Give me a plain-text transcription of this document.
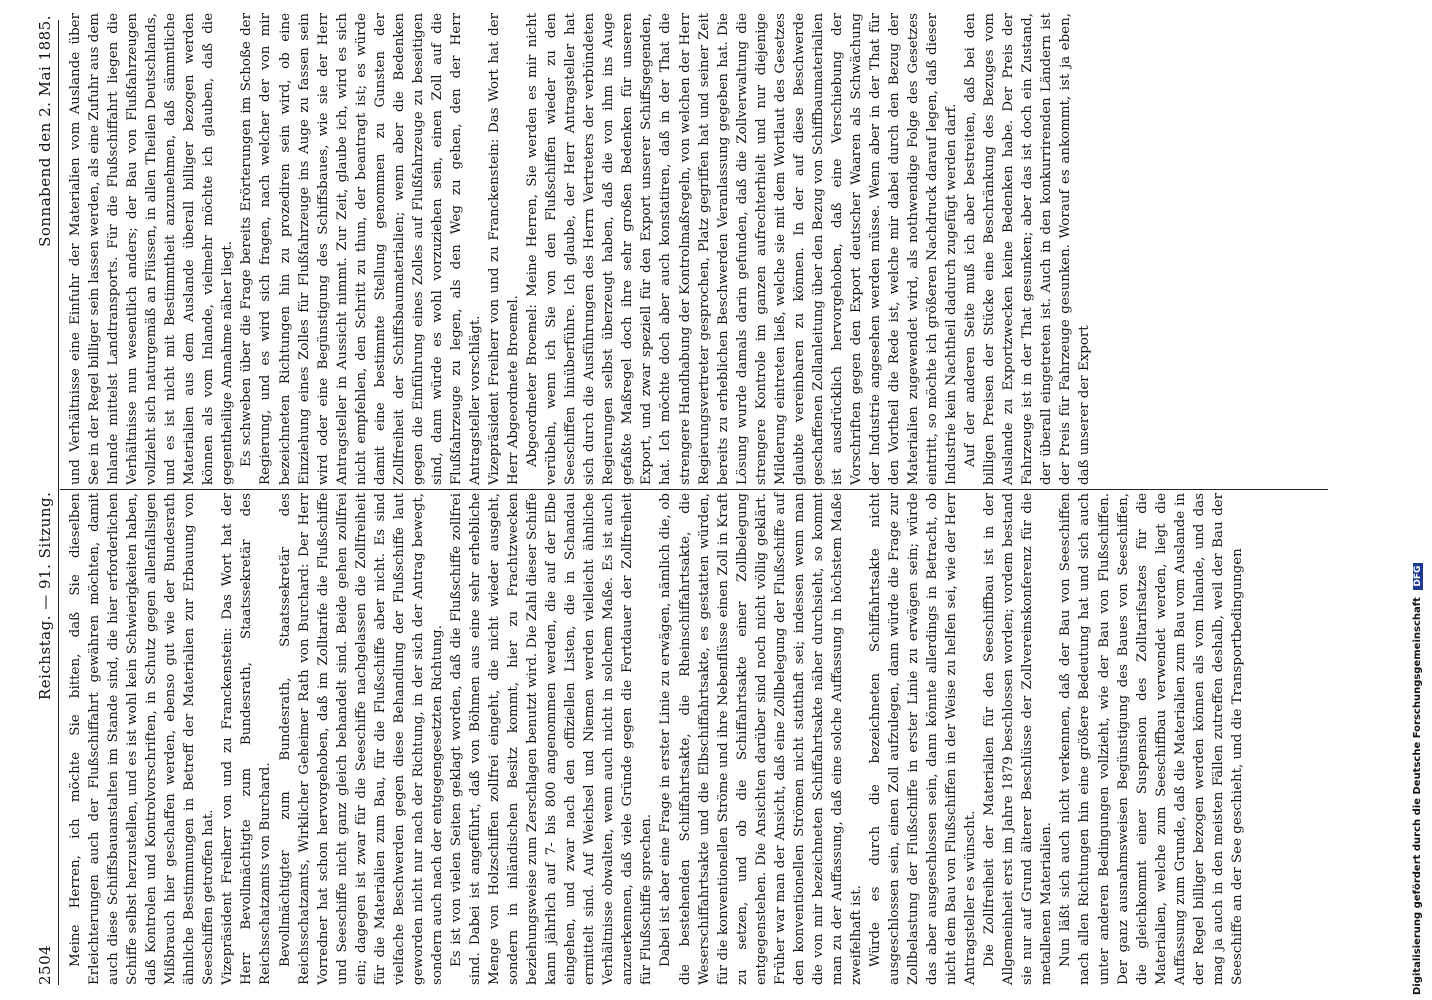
2504
Reichstag. — 91. Sitzung.
Sonnabend den 2. Mai 1885.

Meine Herren, ich möchte Sie bitten, daß Sie dieselben Erleichterungen auch der Flußschiffahrt gewähren möchten, damit auch diese Schiffsbauanstalten im Stande sind, die hier erforderlichen Schiffe selbst herzustellen, und es ist wohl kein Schwierigkeiten haben, daß Kontrolen und Kontrolvorschriften, in Schutz gegen allenfallsigen Mißbrauch hier geschaffen werden, ebenso gut wie der Bundesrath ähnliche Bestimmungen in Betreff der Materialien zur Erbauung von Seeschiffen getroffen hat. Vizepräsident Freiherr von und zu Franckenstein: Das Wort hat der Herr Bevollmächtigte zum Bundesrath, Staatssekretär des Reichsschatzamts von Burchard. Bevollmächtigter zum Bundesrath, Staatssekretär des Reichsschatzamts, Wirklicher Geheimer Rath von Burchard: Der Herr Vorredner hat schon hervorgehoben, daß im Zolltarife die Flußschiffe und Seeschiffe nicht ganz gleich behandelt sind. Beide gehen zollfrei ein; dagegen ist zwar für die Seeschiffe nachgelassen die Zollfreiheit für die Materialien zum Bau, für die Flußschiffe aber nicht. Es sind vielfache Beschwerden gegen diese Behandlung der Flußschiffe laut geworden nicht nur nach der Richtung, in der sich der Antrag bewegt, sondern auch nach der entgegengesetzten Richtung. Es ist von vielen Seiten geklagt worden, daß die Flußschiffe zollfrei sind. Dabei ist angeführt, daß von Böhmen aus eine sehr erhebliche Menge von Holzschiffen zollfrei eingeht, die nicht wieder ausgeht, sondern in inländischen Besitz kommt, hier zu Frachtzwecken beziehungsweise zum Zerschlagen benutzt wird. Die Zahl dieser Schiffe kann jährlich auf 7- bis 800 angenommen werden, die auf der Elbe eingehen, und zwar nach den offiziellen Listen, die in Schandau ermittelt sind. Auf Weichsel und Niemen werden vielleicht ähnliche Verhältnisse obwalten, wenn auch nicht in solchem Maße. Es ist auch anzuerkennen, daß viele Gründe gegen die Fortdauer der Zollfreiheit für Flußschiffe sprechen. Dabei ist aber eine Frage in erster Linie zu erwägen, nämlich die, ob die bestehenden Schiffahrtsakte, die Rheinschiffahrtsakte, die Weserschiffahrtsakte und die Elbschiffahrtsakte, es gestatten würden, für die konventionellen Ströme und ihre Nebenflüsse einen Zoll in Kraft zu setzen, und ob die Schiffahrtsakte einer Zollbelegung entgegenstehen. Die Ansichten darüber sind noch nicht völlig geklärt. Früher war man der Ansicht, daß eine Zollbelegung der Flußschiffe auf den konventionellen Strömen nicht statthaft sei; indessen wenn man die von mir bezeichneten Schiffahrtsakte näher durchsieht, so kommt man zu der Auffassung, daß eine solche Auffassung in höchstem Maße zweifelhaft ist. Würde es durch die bezeichneten Schiffahrtsakte nicht ausgeschlossen sein, einen Zoll aufzulegen, dann würde die Frage zur Zollbelastung der Flußschiffe in erster Linie zu erwägen sein; würde das aber ausgeschlossen sein, dann könnte allerdings in Betracht, ob nicht dem Bau von Flußschiffen in der Weise zu helfen sei, wie der Herr Antragsteller es wünscht. Die Zollfreiheit der Materialien für den Seeschiffbau ist in der Allgemeinheit erst im Jahre 1879 beschlossen worden; vordem bestand sie nur auf Grund älterer Beschlüsse der Zollvereinskonferenz für die metallenen Materialien. Nun läßt sich auch nicht verkennen, daß der Bau von Seeschiffen nach allen Richtungen hin eine größere Bedeutung hat und sich auch unter anderen Bedingungen vollzieht, wie der Bau von Flußschiffen. Der ganz ausnahmsweisen Begünstigung des Baues von Seeschiffen, die gleichkommt einer Suspension des Zolltarifsatzes für die Materialien, welche zum Seeschiffbau verwendet werden, liegt die Auffassung zum Grunde, daß die Materialien zum Bau vom Auslande in der Regel billiger bezogen werden können als vom Inlande, und das mag ja auch in den meisten Fällen zutreffen deshalb, weil der Bau der Seeschiffe an der See geschieht, und die Transportbedingungen

und Verhältnisse eine Einfuhr der Materialien vom Auslande über See in der Regel billiger sein lassen werden, als eine Zufuhr aus dem Inlande mittelst Landtransports. Für die Flußschiffahrt liegen die Verhältnisse nun wesentlich anders; der Bau von Flußfahrzeugen vollzieht sich naturgemäß an Flüssen, in allen Theilen Deutschlands, und es ist nicht mit Bestimmtheit anzunehmen, daß sämmtliche Materialien aus dem Auslande überall billiger bezogen werden können als vom Inlande, vielmehr möchte ich glauben, daß die gegentheilige Annahme näher liegt. Es schweben über die Frage bereits Erörterungen im Schoße der Regierung, und es wird sich fragen, nach welcher der von mir bezeichneten Richtungen hin zu prozediren sein wird, ob eine Einziehung eines Zolles für Flußfahrzeuge ins Auge zu fassen sein wird oder eine Begünstigung des Schiffsbaues, wie sie der Herr Antragsteller in Aussicht nimmt. Zur Zeit, glaube ich, wird es sich nicht empfehlen, den Schritt zu thun, der beantragt ist; es würde damit eine bestimmte Stellung genommen zu Gunsten der Zollfreiheit der Schiffsbaumaterialien; wenn aber die Bedenken gegen die Einführung eines Zolles auf Flußfahrzeuge zu beseitigen sind, dann würde es wohl vorzuziehen sein, einen Zoll auf die Flußfahrzeuge zu legen, als den Weg zu gehen, den der Herr Antragsteller vorschlägt. Vizepräsident Freiherr von und zu Franckenstein: Das Wort hat der Herr Abgeordnete Broemel. Abgeordneter Broemel: Meine Herren, Sie werden es mir nicht verübeln, wenn ich Sie von den Flußschiffen wieder zu den Seeschiffen hinüberführe. Ich glaube, der Herr Antragsteller hat sich durch die Ausführungen des Herrn Vertreters der verbündeten Regierungen selbst überzeugt haben, daß die von ihm ins Auge gefaßte Maßregel doch ihre sehr großen Bedenken für unseren Export, und zwar speziell für den Export unserer Schiffsgegenden, hat. Ich möchte doch aber auch konstatiren, daß in der That die strengere Handhabung der Kontrolmaßregeln, von welchen der Herr Regierungsvertreter gesprochen, Platz gegriffen hat und seiner Zeit bereits zu erheblichen Beschwerden Veranlassung gegeben hat. Die Lösung wurde damals darin gefunden, daß die Zollverwaltung die strengere Kontrole im ganzen aufrechterhielt und nur diejenige Milderung eintreten ließ, welche sie mit dem Wortlaut des Gesetzes glaubte vereinbaren zu können. In der auf diese Beschwerde geschaffenen Zollanleitung über den Bezug von Schiffbaumaterialien ist ausdrücklich hervorgehoben, daß eine Verschiebung der Vorschriften gegen den Export deutscher Waaren als Schwächung der Industrie angesehen werden müsse. Wenn aber in der That für den Vortheil die Rede ist, welche mir dabei durch den Bezug der Materialien zugewendet wird, als nothwendige Folge des Gesetzes eintritt, so möchte ich größeren Nachdruck darauf legen, daß dieser Industrie kein Nachtheil dadurch zugefügt werden darf. Auf der anderen Seite muß ich aber bestreiten, daß bei den billigen Preisen der Stücke eine Beschränkung des Bezuges vom Auslande zu Exportzwecken keine Bedenken habe. Der Preis der Fahrzeuge ist in der That gesunken; aber das ist doch ein Zustand, der überall eingetreten ist. Auch in den konkurrirenden Ländern ist der Preis für Fahrzeuge gesunken. Worauf es ankommt, ist ja eben, daß unserer der Export

Digitalisierung gefördert durch die Deutsche Forschungsgemeinschaft DFG
